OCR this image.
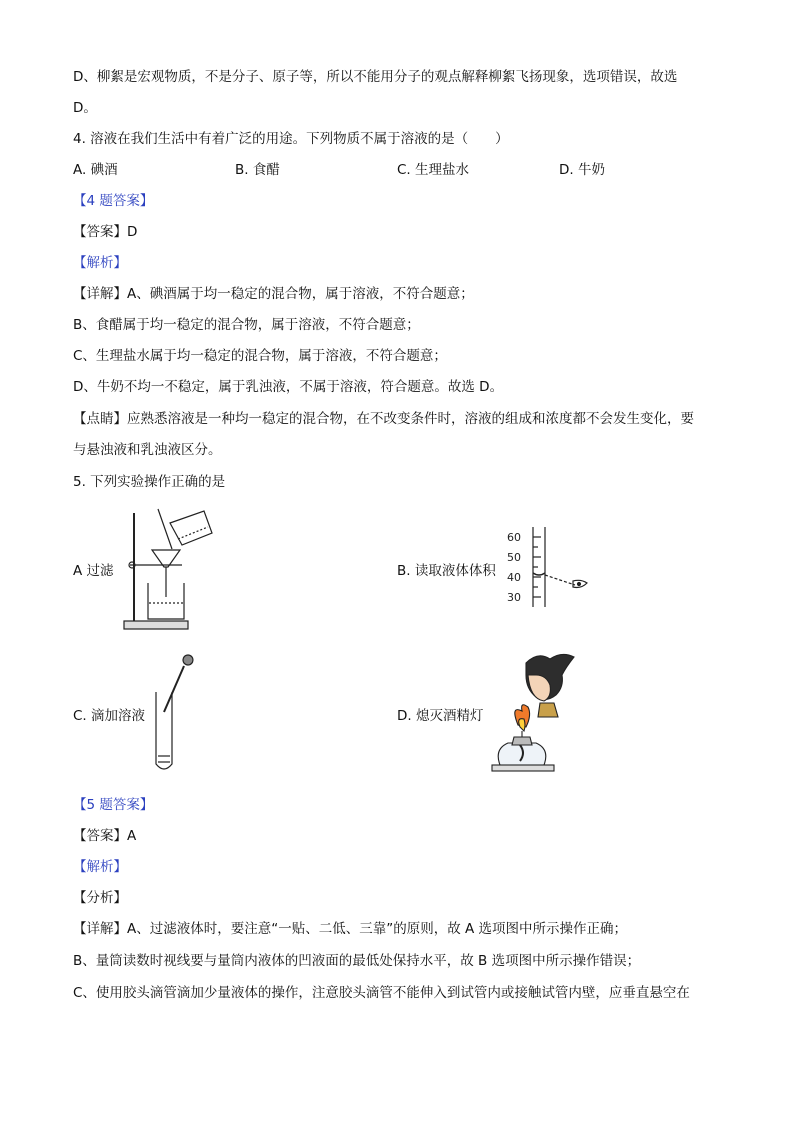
D、柳絮是宏观物质，不是分子、原子等，所以不能用分子的观点解释柳絮飞扬现象，选项错误，故选
D。
4. 溶液在我们生活中有着广泛的用途。下列物质不属于溶液的是（　　）
A. 碘酒	B. 食醋	C. 生理盐水	D. 牛奶
【4 题答案】
【答案】D
【解析】
【详解】A、碘酒属于均一稳定的混合物，属于溶液，不符合题意；
B、食醋属于均一稳定的混合物，属于溶液，不符合题意；
C、生理盐水属于均一稳定的混合物，属于溶液，不符合题意；
D、牛奶不均一不稳定，属于乳浊液，不属于溶液，符合题意。故选 D。
【点睛】应熟悉溶液是一种均一稳定的混合物，在不改变条件时，溶液的组成和浓度都不会发生变化，要
与悬浊液和乳浊液区分。
5. 下列实验操作正确的是
A 过滤	B. 读取液体体积
C. 滴加溶液	D. 熄灭酒精灯
60
50
40
30
【5 题答案】
【答案】A
【解析】
【分析】
【详解】A、过滤液体时，要注意“一贴、二低、三靠”的原则，故 A 选项图中所示操作正确；
B、量筒读数时视线要与量筒内液体的凹液面的最低处保持水平，故 B 选项图中所示操作错误；
C、使用胶头滴管滴加少量液体的操作，注意胶头滴管不能伸入到试管内或接触试管内壁，应垂直悬空在
